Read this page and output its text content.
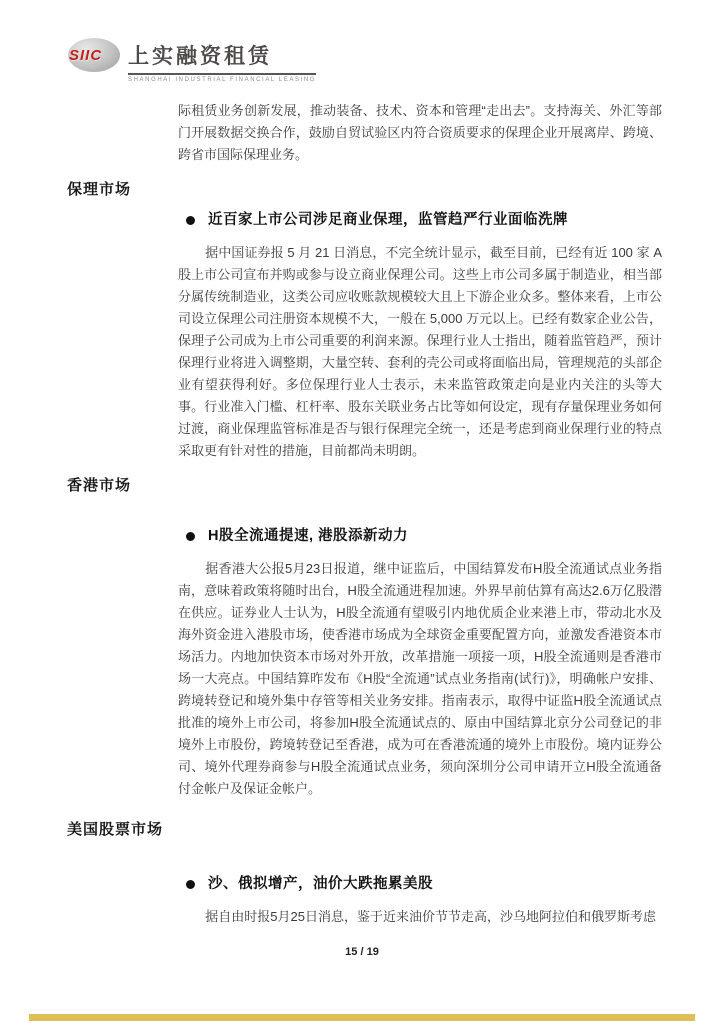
SIIC 上实融资租赁
SHANGHAI INDUSTRIAL FINANCIAL LEASING

际租赁业务创新发展，推动装备、技术、资本和管理“走出去”。支持海关、外汇等部门开展数据交换合作，鼓励自贸试验区内符合资质要求的保理企业开展离岸、跨境、跨省市国际保理业务。

保理市场
近百家上市公司涉足商业保理，监管趋严行业面临洗牌

据中国证券报 5 月 21 日消息，不完全统计显示，截至目前，已经有近 100 家 A股上市公司宣布并购或参与设立商业保理公司。这些上市公司多属于制造业，相当部分属传统制造业，这类公司应收账款规模较大且上下游企业众多。整体来看，上市公司设立保理公司注册资本规模不大，一般在 5,000 万元以上。已经有数家企业公告，保理子公司成为上市公司重要的利润来源。保理行业人士指出，随着监管趋严，预计保理行业将进入调整期，大量空转、套利的壳公司或将面临出局，管理规范的头部企业有望获得利好。多位保理行业人士表示，未来监管政策走向是业内关注的头等大事。行业准入门槛、杠杆率、股东关联业务占比等如何设定，现有存量保理业务如何过渡，商业保理监管标准是否与银行保理完全统一，还是考虑到商业保理行业的特点采取更有针对性的措施，目前都尚未明朗。

香港市场
H股全流通提速, 港股添新动力

据香港大公报5月23日报道，继中证监后，中国结算发布H股全流通试点业务指南，意味着政策将随时出台，H股全流通进程加速。外界早前估算有高达2.6万亿股潜在供应。证券业人士认为，H股全流通有望吸引内地优质企业来港上市，带动北水及海外资金进入港股市场，使香港市场成为全球资金重要配置方向，並激发香港资本市场活力。内地加快资本市场对外开放，改革措施一项接一项，H股全流通则是香港市场一大亮点。中国结算昨发布《H股“全流通”试点业务指南(试行)》，明确帐户安排、跨境转登记和境外集中存管等相关业务安排。指南表示，取得中证监H股全流通试点批准的境外上市公司，将参加H股全流通试点的、原由中国结算北京分公司登记的非境外上市股份，跨境转登记至香港，成为可在香港流通的境外上市股份。境内证券公司、境外代理券商参与H股全流通试点业务，须向深圳分公司申请开立H股全流通备付金帐户及保证金帐户。

美国股票市场
沙、俄拟增产，油价大跌拖累美股

据自由时报5月25日消息，鉴于近来油价节节走高，沙乌地阿拉伯和俄罗斯考虑

15 / 19
